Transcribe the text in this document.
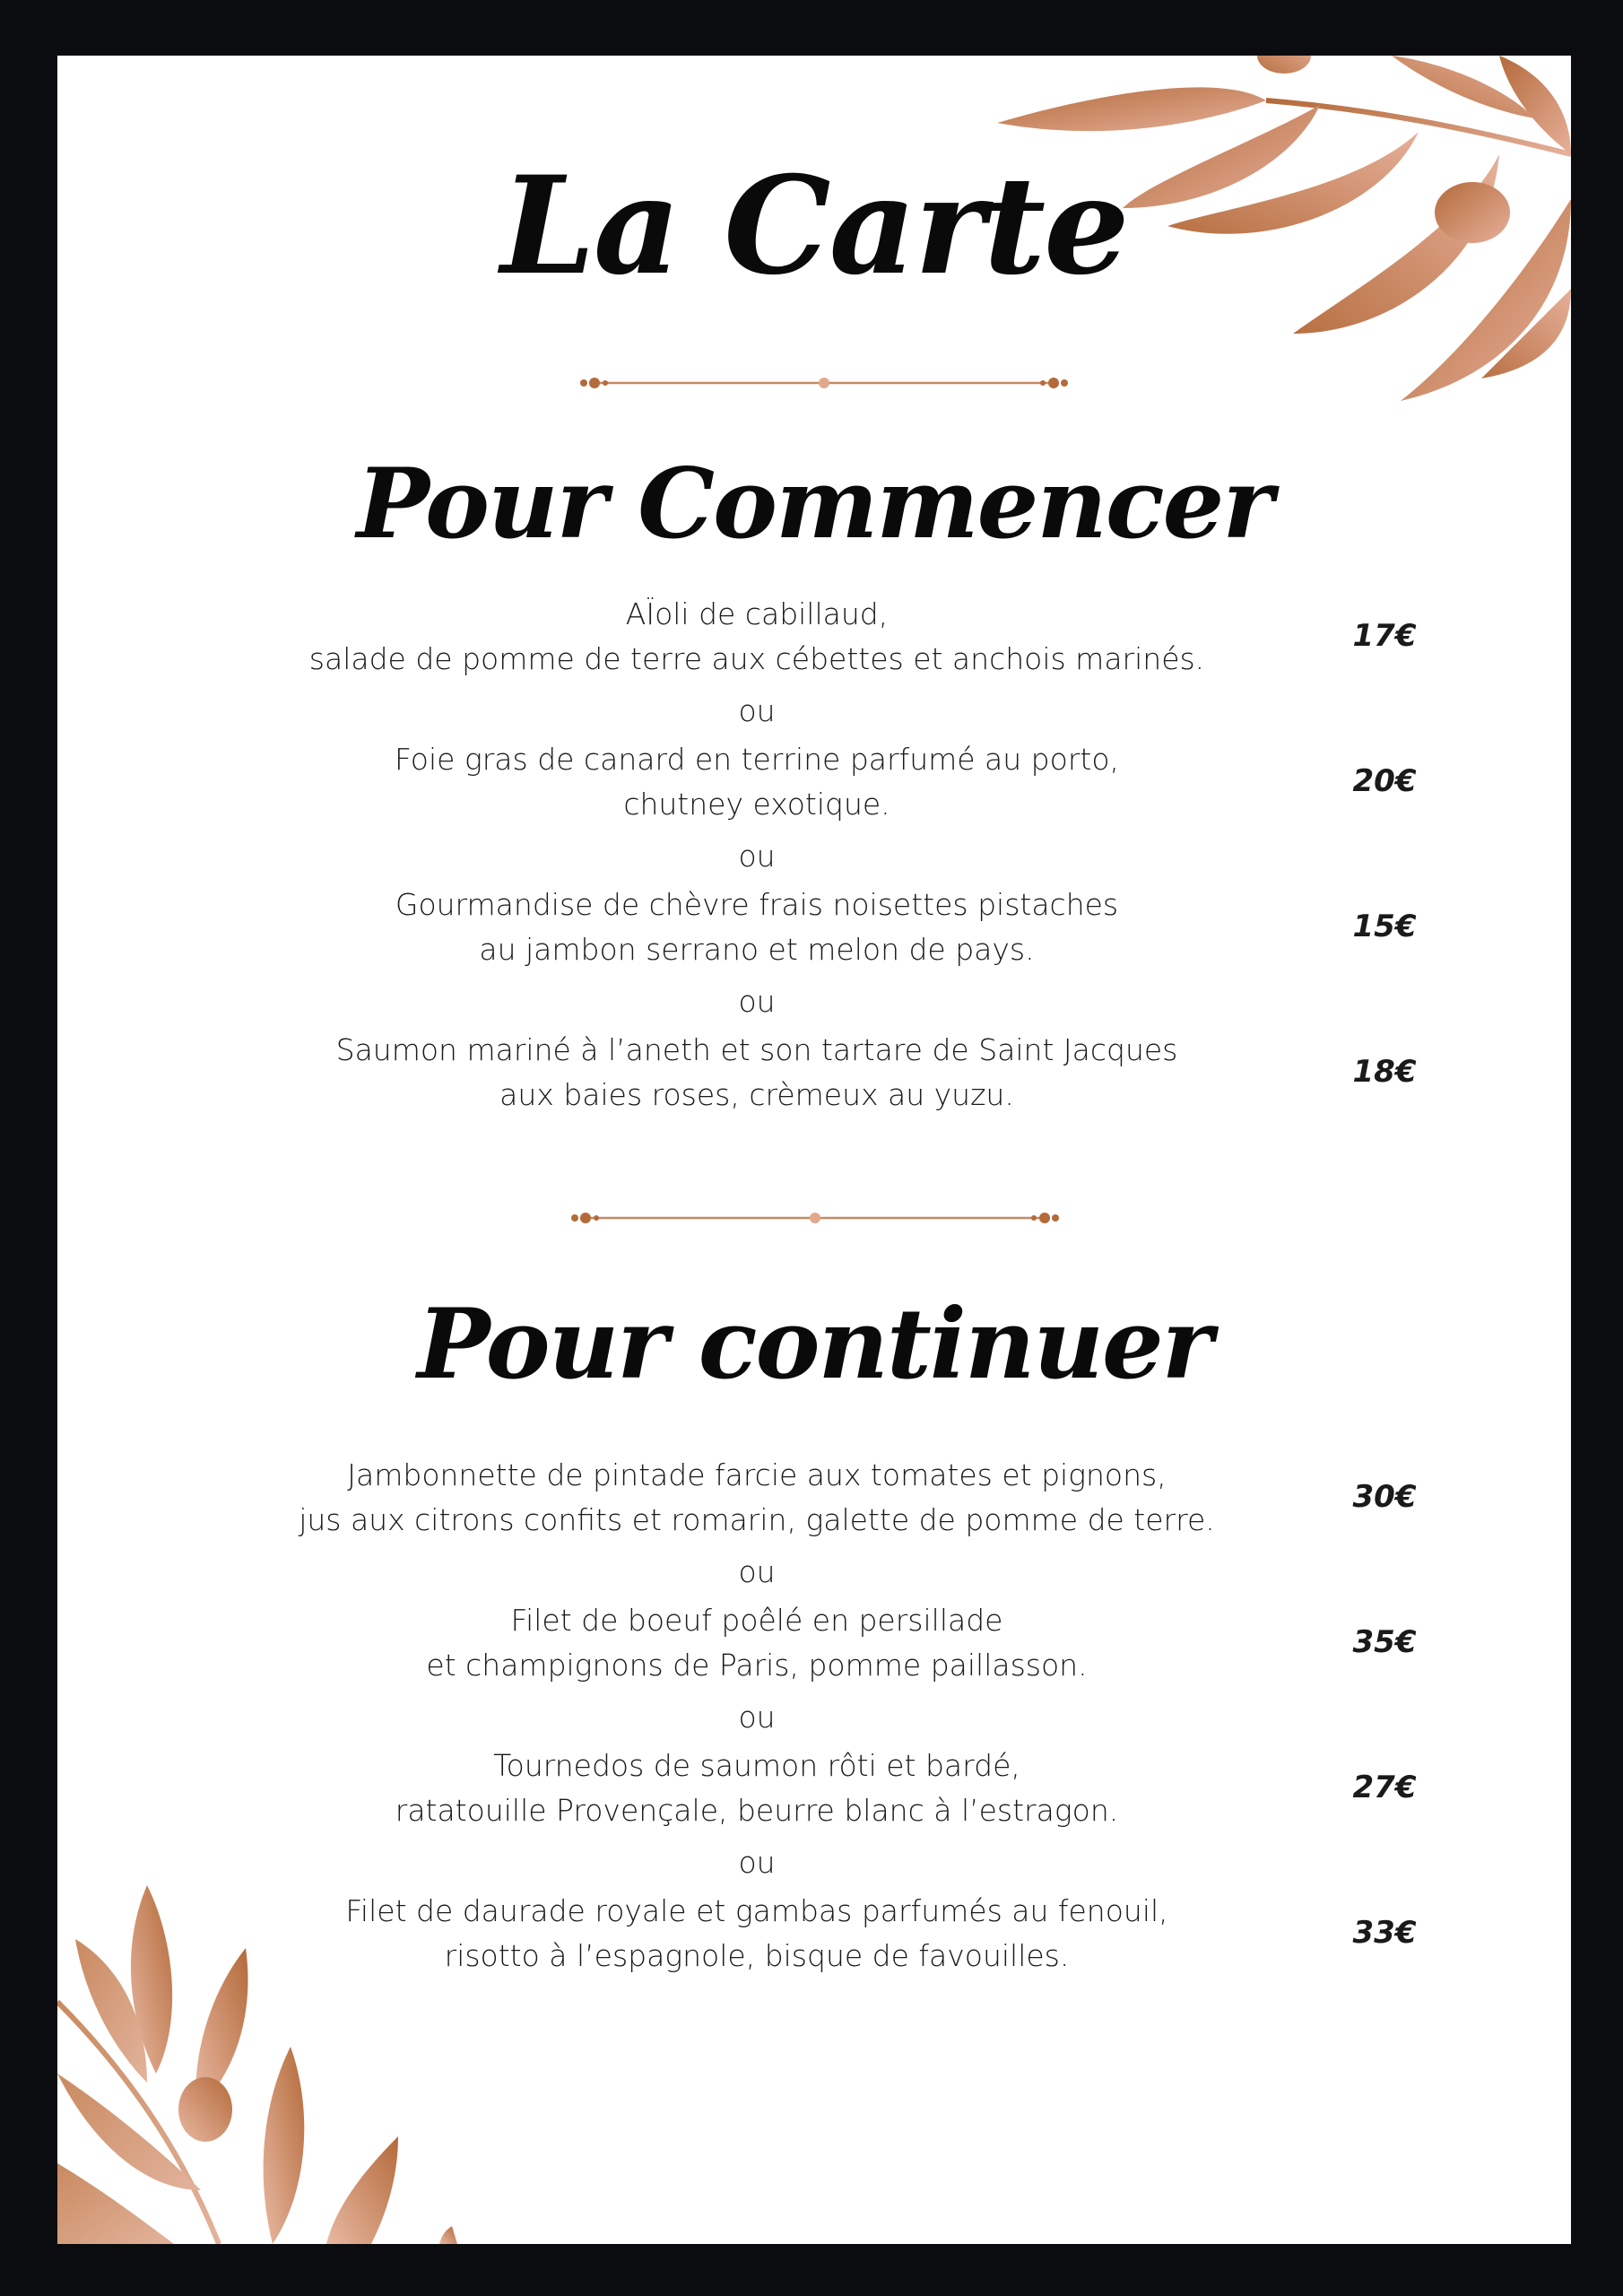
La Carte
Pour Commencer
AÏoli de cabillaud,
salade de pomme de terre aux cébettes et anchois marinés.
17€
ou
Foie gras de canard en terrine parfumé au porto,
chutney exotique.
20€
ou
Gourmandise de chèvre frais noisettes pistaches
au jambon serrano et melon de pays.
15€
ou
Saumon mariné à l’aneth et son tartare de Saint Jacques
aux baies roses, crèmeux au yuzu.
18€
Pour continuer
Jambonnette de pintade farcie aux tomates et pignons,
jus aux citrons confits et romarin, galette de pomme de terre.
30€
ou
Filet de boeuf poêlé en persillade
et champignons de Paris, pomme paillasson.
35€
ou
Tournedos de saumon rôti et bardé,
ratatouille Provençale, beurre blanc à l’estragon.
27€
ou
Filet de daurade royale et gambas parfumés au fenouil,
risotto à l’espagnole, bisque de favouilles.
33€
